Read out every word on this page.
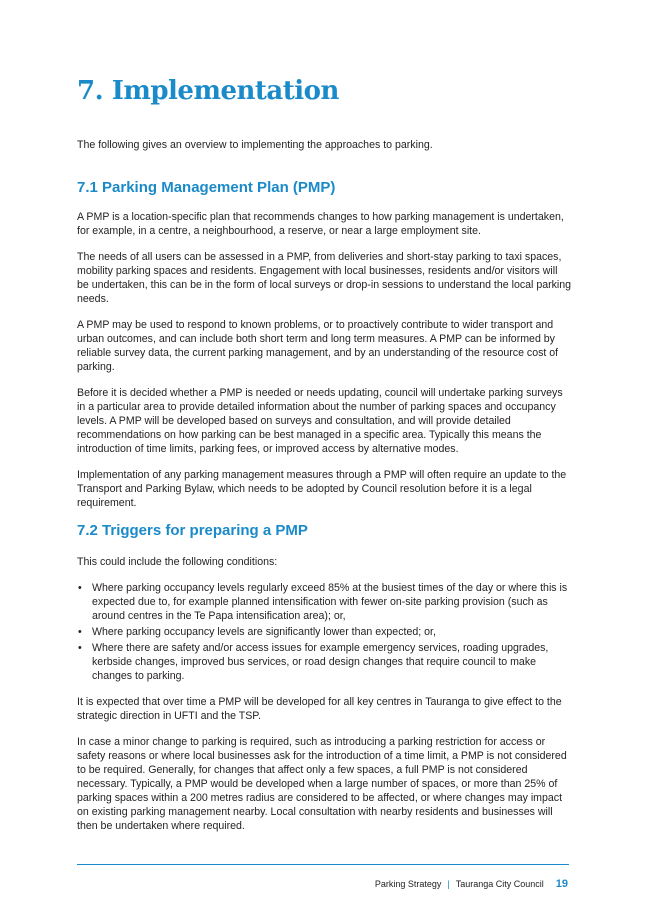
7. Implementation

The following gives an overview to implementing the approaches to parking.

7.1 Parking Management Plan (PMP)

A PMP is a location-specific plan that recommends changes to how parking management is undertaken, for example, in a centre, a neighbourhood, a reserve, or near a large employment site.

The needs of all users can be assessed in a PMP, from deliveries and short-stay parking to taxi spaces, mobility parking spaces and residents. Engagement with local businesses, residents and/or visitors will be undertaken, this can be in the form of local surveys or drop-in sessions to understand the local parking needs.

A PMP may be used to respond to known problems, or to proactively contribute to wider transport and urban outcomes, and can include both short term and long term measures. A PMP can be informed by reliable survey data, the current parking management, and by an understanding of the resource cost of parking.

Before it is decided whether a PMP is needed or needs updating, council will undertake parking surveys in a particular area to provide detailed information about the number of parking spaces and occupancy levels. A PMP will be developed based on surveys and consultation, and will provide detailed recommendations on how parking can be best managed in a specific area. Typically this means the introduction of time limits, parking fees, or improved access by alternative modes.

Implementation of any parking management measures through a PMP will often require an update to the Transport and Parking Bylaw, which needs to be adopted by Council resolution before it is a legal requirement.

7.2 Triggers for preparing a PMP

This could include the following conditions:

• Where parking occupancy levels regularly exceed 85% at the busiest times of the day or where this is expected due to, for example planned intensification with fewer on-site parking provision (such as around centres in the Te Papa intensification area); or,
• Where parking occupancy levels are significantly lower than expected; or,
• Where there are safety and/or access issues for example emergency services, roading upgrades, kerbside changes, improved bus services, or road design changes that require council to make changes to parking.

It is expected that over time a PMP will be developed for all key centres in Tauranga to give effect to the strategic direction in UFTI and the TSP.

In case a minor change to parking is required, such as introducing a parking restriction for access or safety reasons or where local businesses ask for the introduction of a time limit, a PMP is not considered to be required. Generally, for changes that affect only a few spaces, a full PMP is not considered necessary. Typically, a PMP would be developed when a large number of spaces, or more than 25% of parking spaces within a 200 metres radius are considered to be affected, or where changes may impact on existing parking management nearby. Local consultation with nearby residents and businesses will then be undertaken where required.

Parking Strategy | Tauranga City Council 19
